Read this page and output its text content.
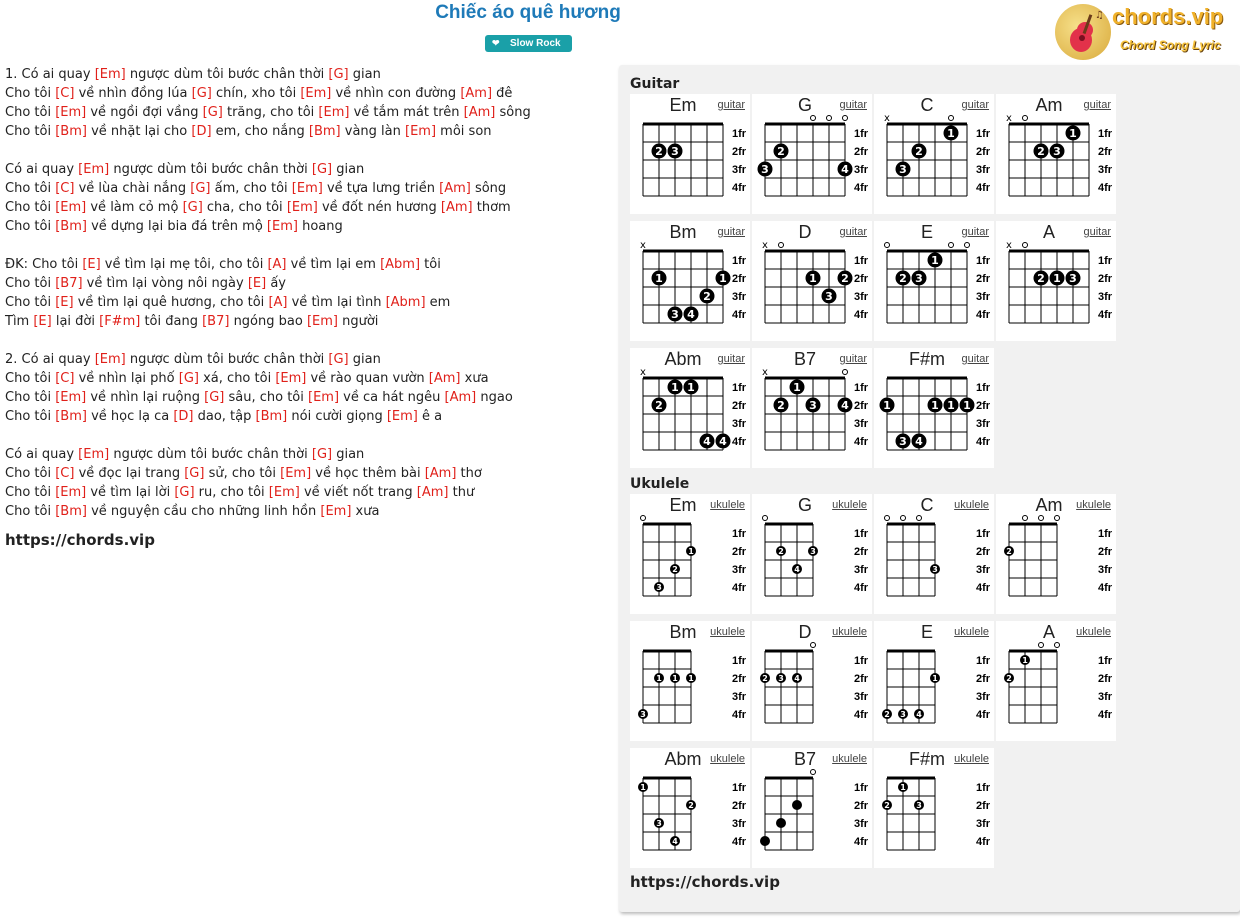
Chiếc áo quê hương
❤ Slow Rock
♫ chords.vip
Chord Song Lyric
1. Có ai quay [Em] ngược dùm tôi bước chân thời [G] gian
Cho tôi [C] về nhìn đồng lúa [G] chín, xho tôi [Em] về nhìn con đường [Am] đê
Cho tôi [Em] về ngồi đợi vầng [G] trăng, cho tôi [Em] về tắm mát trên [Am] sông
Cho tôi [Bm] về nhặt lại cho [D] em, cho nắng [Bm] vàng làn [Em] môi son
Có ai quay [Em] ngược dùm tôi bước chân thời [G] gian
Cho tôi [C] về lùa chài nắng [G] ấm, cho tôi [Em] về tựa lưng triền [Am] sông
Cho tôi [Em] về làm cỏ mộ [G] cha, cho tôi [Em] về đốt nén hương [Am] thơm
Cho tôi [Bm] về dựng lại bia đá trên mộ [Em] hoang
ĐK: Cho tôi [E] về tìm lại mẹ tôi, cho tôi [A] về tìm lại em [Abm] tôi
Cho tôi [B7] về tìm lại vòng nôi ngày [E] ấy
Cho tôi [E] về tìm lại quê hương, cho tôi [A] về tìm lại tình [Abm] em
Tìm [E] lại đời [F#m] tôi đang [B7] ngóng bao [Em] người
2. Có ai quay [Em] ngược dùm tôi bước chân thời [G] gian
Cho tôi [C] về nhìn lại phố [G] xá, cho tôi [Em] về rào quan vườn [Am] xưa
Cho tôi [Em] về nhìn lại ruộng [G] sâu, cho tôi [Em] về ca hát ngêu [Am] ngao
Cho tôi [Bm] về học lạ ca [D] dao, tập [Bm] nói cười giọng [Em] ê a
Có ai quay [Em] ngược dùm tôi bước chân thời [G] gian
Cho tôi [C] về đọc lại trang [G] sử, cho tôi [Em] về học thêm bài [Am] thơ
Cho tôi [Em] về tìm lại lời [G] ru, cho tôi [Em] về viết nốt trang [Am] thư
Cho tôi [Bm] về nguyện cầu cho những linh hồn [Em] xưa
https://chords.vip
Guitar
Em	guitar
1fr
2fr
3fr
4fr
2 3
G	guitar
1fr
2fr
3fr
4fr
2
3	4
C	guitar
1fr
2fr
3fr
4fr
x
1
2
3
Am	guitar
1fr
2fr
3fr
4fr
x
1
2 3
Bm	guitar
1fr
2fr
3fr
4fr
x
1	1
2
3 4
D	guitar
1fr
2fr
3fr
4fr
x
1 2
3
E	guitar
1fr
2fr
3fr
4fr
1
2 3
A	guitar
1fr
2fr
3fr
4fr
x
2 1 3
Abm	guitar
1fr
2fr
3fr
4fr
x
1 1
2
4 4
B7	guitar
1fr
2fr
3fr
4fr
x
1
2 3 4
F#m	guitar
1fr
2fr
3fr
4fr
1	1 1 1
3 4
Ukulele
Em	ukulele
1fr
2fr
3fr
4fr
1
2
3
G	ukulele
1fr
2fr
3fr
4fr
2	3
4
C	ukulele
1fr
2fr
3fr
4fr
3
Am	ukulele
1fr
2fr
3fr
4fr
2
Bm	ukulele
1fr
2fr
3fr
4fr
1 1 1
3
D	ukulele
1fr
2fr
3fr
4fr
2 3 4
E	ukulele
1fr
2fr
3fr
4fr
1
2 3 4
A	ukulele
1fr
2fr
3fr
4fr
1
2
Abm ukulele
1fr
2fr
3fr
4fr
1
2
3
4
B7	ukulele
1fr
2fr
3fr
4fr
F#m ukulele
1fr
2fr
3fr
4fr
1
2	3
https://chords.vip
